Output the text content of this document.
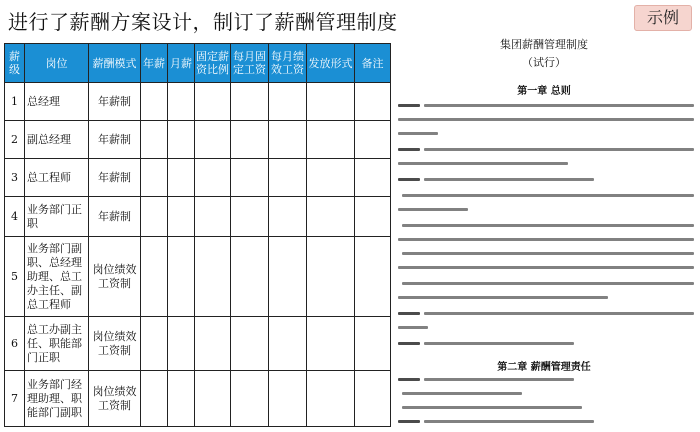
进行了薪酬方案设计，制订了薪酬管理制度	示例
薪级	岗位	薪酬模式	年薪	月薪	固定薪资比例	每月固定工资	每月绩效工资	发放形式	备注
1	总经理	年薪制							
2	副总经理	年薪制							
3	总工程师	年薪制							
4	业务部门正职	年薪制							
5	业务部门副职、总经理助理、总工办主任、副总工程师	岗位绩效工资制							
6	总工办副主任、职能部门正职	岗位绩效工资制							
7	业务部门经理助理、职能部门副职	岗位绩效工资制							
集团薪酬管理制度
（试行）
第一章 总则
第二章 薪酬管理责任
